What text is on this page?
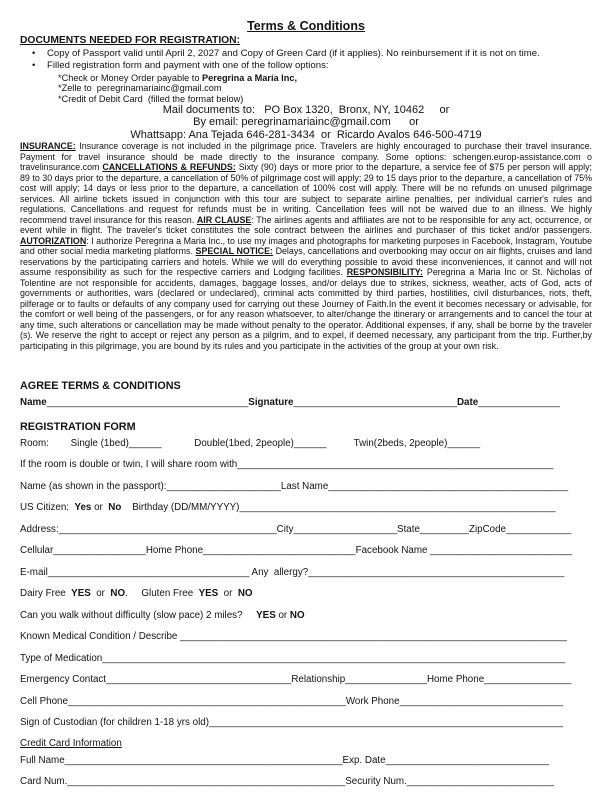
Terms & Conditions
DOCUMENTS NEEDED FOR REGISTRATION:
•	Copy of Passport valid until April 2, 2027 and Copy of Green Card (if it applies). No reinbursement if it is not on time.
•	Filled registration form and payment with one of the follow options:
*Check or Money Order payable to Peregrina a María Inc,
*Zelle to  peregrinamariainc@gmail.com
*Credit of Debit Card  (filled the format below)
Mail documents to:   PO Box 1320,  Bronx, NY, 10462     or
By email: peregrinamariainc@gmail.com      or
Whattsapp: Ana Tejada 646-281-3434  or  Ricardo Avalos 646-500-4719

INSURANCE: Insurance coverage is not included in the pilgrimage price. Travelers are highly encouraged to purchase their travel insurance. Payment for travel insurance should be made directly to the insurance company. Some options: schengen.europ-assistance.com o travelinsurance.com CANCELLATIONS & REFUNDS: Sixty (90) days or more prior to the departure, a service fee of $75 per person will apply; 89 to 30 days prior to the departure, a cancellation of 50% of pilgrimage cost will apply; 29 to 15 days prior to the departure, a cancellation of 75% cost will apply; 14 days or less prior to the departure, a cancellation of 100% cost will apply. There will be no refunds on unused pilgrimage services. All airline tickets issued in conjunction with this tour are subject to separate airline penalties, per individual carrier's rules and regulations. Cancellations and request for refunds must be in writing. Cancellation fees will not be waived due to an illness. We highly recommend travel insurance for this reason. AIR CLAUSE: The airlines agents and affiliates are not to be responsible for any act, occurrence, or event while in flight. The traveler's ticket constitutes the sole contract between the airlines and purchaser of this ticket and/or passengers. AUTORIZATION: I authorize Peregrina a Maria Inc., to use my images and photographs for marketing purposes in Facebook, Instagram, Youtube and other social media marketing platforms. SPECIAL NOTICE: Delays, cancellations and overbooking may occur on air flights, cruises and land reservations by the participating carriers and hotels. While we will do everything possible to avoid these inconveniences, it cannot and will not assume responsibility as such for the respective carriers and Lodging facilities. RESPONSIBILITY: Peregrina a Maria Inc or St. Nicholas of Tolentine are not responsible for accidents, damages, baggage losses, and/or delays due to strikes, sickness, weather, acts of God, acts of governments or authorities, wars (declared or undeclared), criminal acts committed by third parties, hostilities, civil disturbances, riots, theft, pilferage or to faults or defaults of any company used for carrying out these Journey of Faith.In the event it becomes necessary or advisable, for the comfort or well being of the passengers, or for any reason whatsoever, to alter/change the itinerary or arrangements and to cancel the tour at any time, such alterations or cancellation may be made without penalty to the operator. Additional expenses, if any, shall be borne by the traveler (s). We reserve the right to accept or reject any person as a pilgrim, and to expel, if deemed necessary, any participant from the trip. Further,by participating in this pilgrimage, you are bound by its rules and you participate in the activities of the group at your own risk.

AGREE TERMS & CONDITIONS
Name_____________________________________Signature______________________________Date_______________
REGISTRATION FORM
Room:        Single (1bed)______            Double(1bed, 2people)______          Twin(2beds, 2people)______
If the room is double or twin, I will share room with__________________________________________________________
Name (as shown in the passport):_____________________Last Name____________________________________________
US Citizen:  Yes or  No    Birthday (DD/MM/YYYY)__________________________________________________________
Address:________________________________________City___________________State_________ZipCode____________
Cellular_________________Home Phone____________________________Facebook Name __________________________
E-mail_____________________________________ Any  allergy?_______________________________________________
Dairy Free  YES  or  NO.     Gluten Free  YES  or  NO
Can you walk without difficulty (slow pace) 2 miles?     YES or NO
Known Medical Condition / Describe _______________________________________________________________________
Type of Medication_____________________________________________________________________________________
Emergency Contact__________________________________Relationship_______________Home Phone________________
Cell Phone___________________________________________________Work Phone______________________________
Sign of Custodian (for children 1-18 yrs old)_________________________________________________________________
Credit Card Information
Full Name___________________________________________________Exp. Date______________________________
Card Num.___________________________________________________Security Num.___________________________
